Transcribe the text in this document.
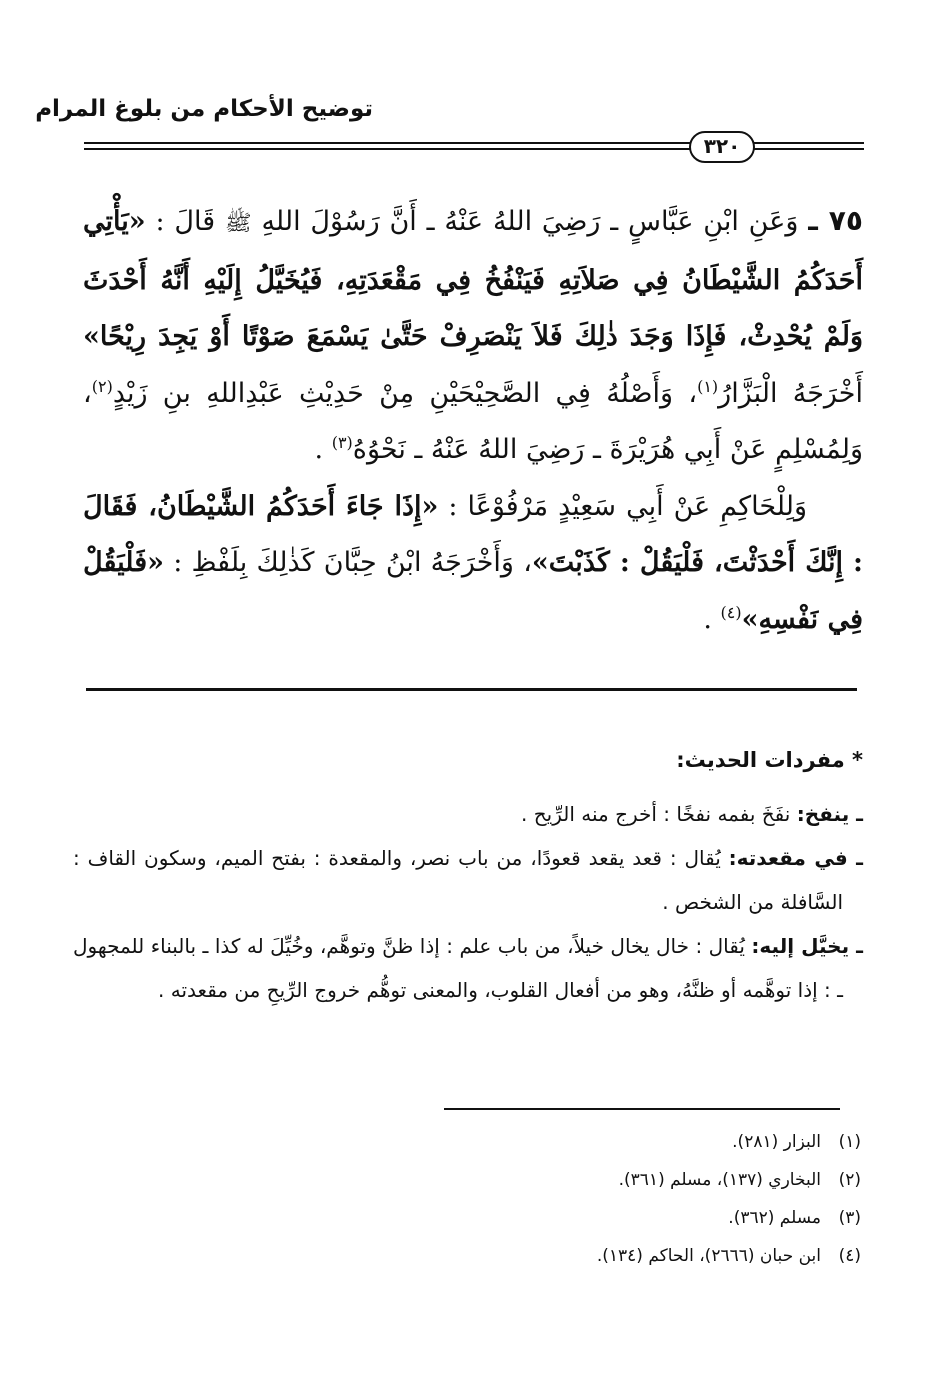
توضيح الأحكام من بلوغ المرام
٣٢٠

٧٥ ـ وَعَنِ ابْنِ عَبَّاسٍ ـ رَضِيَ اللهُ عَنْهُ ـ أَنَّ رَسُوْلَ اللهِ ﷺ قَالَ : «يَأْتِي أَحَدَكُمُ الشَّيْطَانُ فِي صَلاَتِهِ فَيَنْفُخُ فِي مَقْعَدَتِهِ، فَيُخَيَّلُ إِلَيْهِ أَنَّهُ أَحْدَثَ وَلَمْ يُحْدِثْ، فَإِذَا وَجَدَ ذٰلِكَ فَلاَ يَنْصَرِفْ حَتَّىٰ يَسْمَعَ صَوْتًا أَوْ يَجِدَ رِيْحًا» أَخْرَجَهُ الْبَزَّارُ$^{(١)}$، وَأَصْلُهُ فِي الصَّحِيْحَيْنِ مِنْ حَدِيْثِ عَبْدِاللهِ بنِ زَيْدٍ$^{(٢)}$، وَلِمُسْلِمٍ عَنْ أَبِي هُرَيْرَةَ ـ رَضِيَ اللهُ عَنْهُ ـ نَحْوُهُ$^{(٣)}$ .

وَلِلْحَاكِمِ عَنْ أَبِي سَعِيْدٍ مَرْفُوْعًا : «إِذَا جَاءَ أَحَدَكُمُ الشَّيْطَانُ، فَقَالَ : إِنَّكَ أَحْدَثْتَ، فَلْيَقُلْ : كَذَبْتَ»، وَأَخْرَجَهُ ابْنُ حِبَّانَ كَذٰلِكَ بِلَفْظِ : «فَلْيَقُلْ فِي نَفْسِهِ»$^{(٤)}$ .

* مفردات الحديث:

ـ ينفخ: نفَخَ بفمه نفخًا : أخرج منه الرِّيح .

ـ في مقعدته: يُقال : قعد يقعد قعودًا، من باب نصر، والمقعدة : بفتح الميم، وسكون القاف : السَّافلة من الشخص .

ـ يخيَّل إليه: يُقال : خال يخال خيلاً، من باب علم : إذا ظنَّ وتوهَّم، وخُيِّلَ له كذا ـ بالبناء للمجهول ـ : إذا توهَّمه أو ظنَّهُ، وهو من أفعال القلوب، والمعنى توهُّم خروج الرِّيحِ من مقعدته .

(١)
البزار (٢٨١).
(٢)
البخاري (١٣٧)، مسلم (٣٦١).
(٣)
مسلم (٣٦٢).
(٤)
ابن حبان (٢٦٦٦)، الحاكم (١٣٤).
